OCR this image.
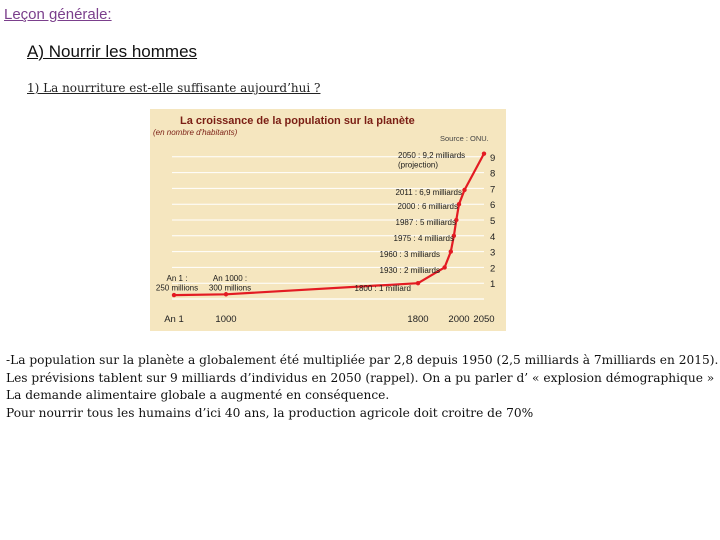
Leçon générale:
A) Nourrir les hommes
1) La nourriture est-elle suffisante aujourd’hui ?
La croissance de la population sur la planète
(en nombre d'habitants)
Source : ONU.
An 1	1000	1800 2000 2050
1
2
3
4
5
6
7
8
9
An 1 : 250 millions
An 1000 : 300 millions	1800 : 1 milliard
1930 : 2 milliards
1960 : 3 milliards
1975 : 4 milliards
1987 : 5 milliards
2000 : 6 milliards
2011 : 6,9 milliards
2050 : 9,2 milliards (projection)

-La population sur la planète a globalement été multipliée par 2,8 depuis 1950 (2,5 milliards à 7milliards en 2015).

Les prévisions tablent sur 9 milliards d’individus en 2050 (rappel). On a pu parler d’ « explosion démographique »

La demande alimentaire globale a augmenté en conséquence.

Pour nourrir tous les humains d’ici 40 ans, la production agricole doit croitre de 70%
